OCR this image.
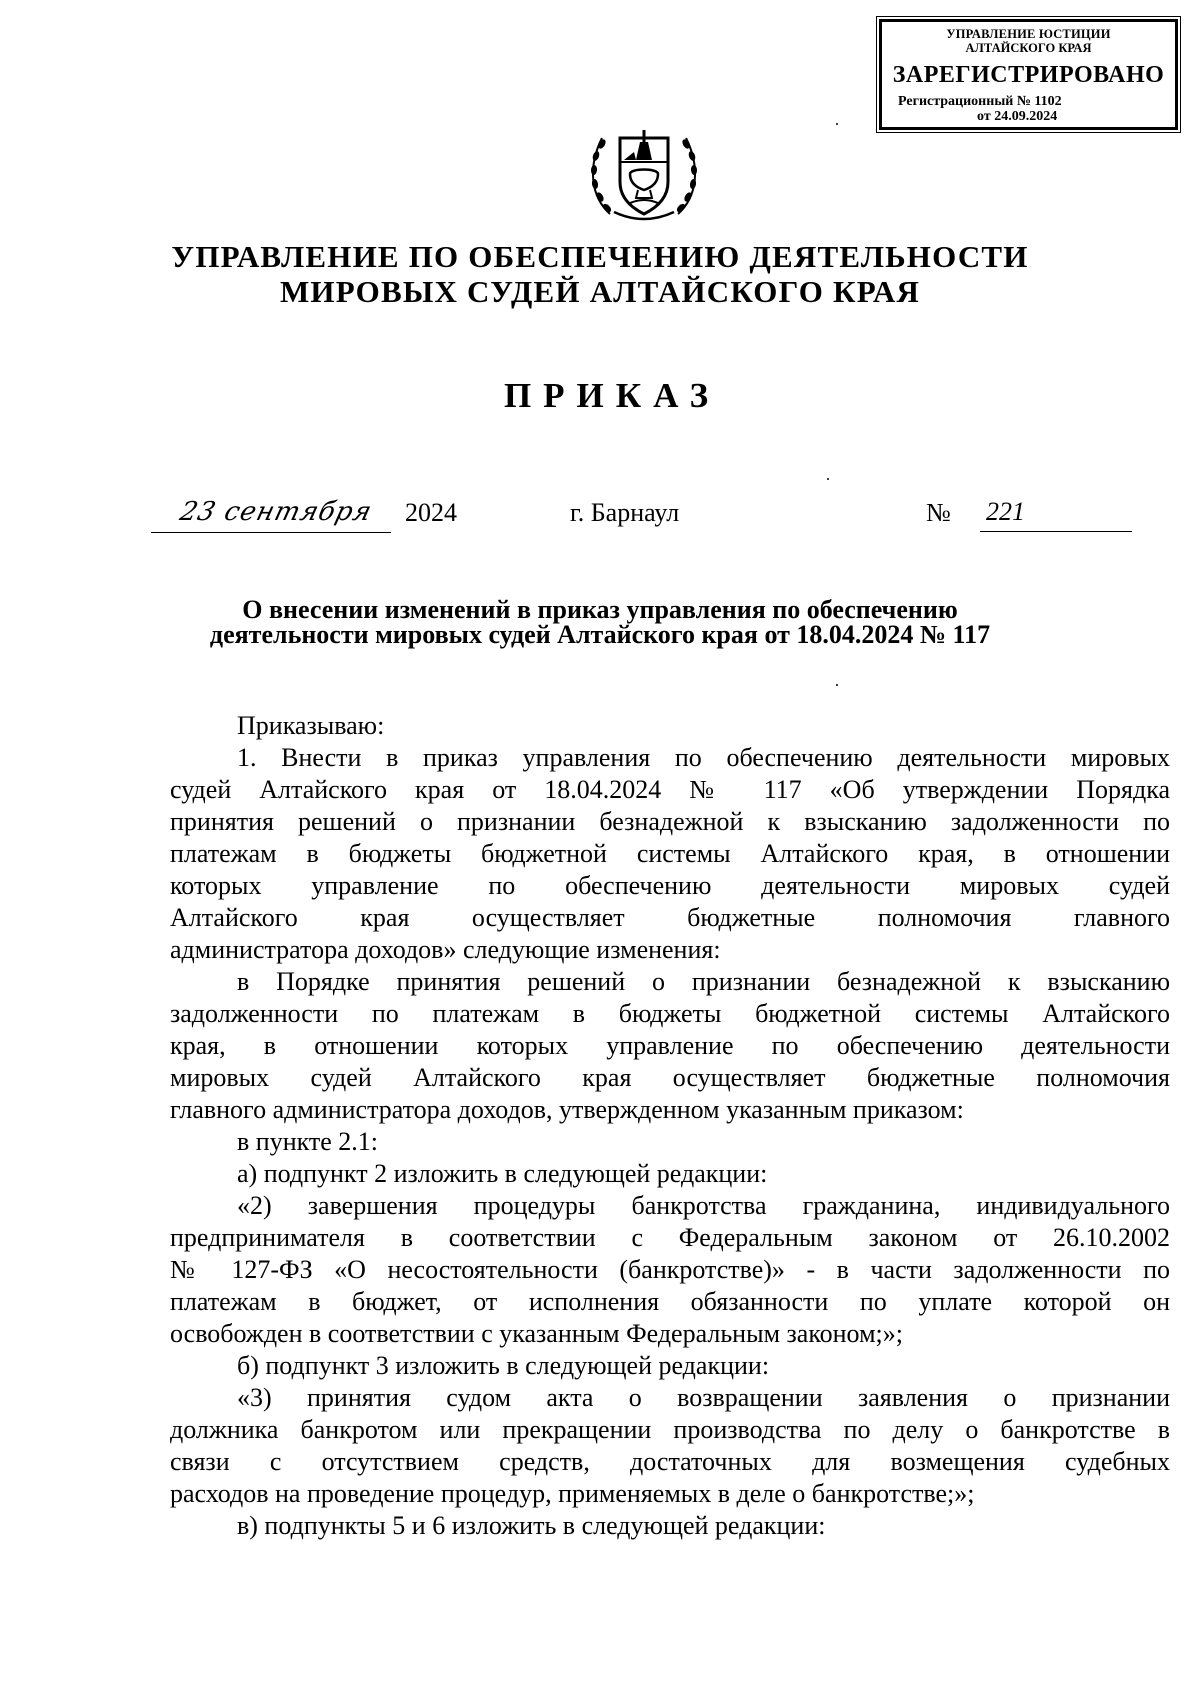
УПРАВЛЕНИЕ ЮСТИЦИИ
АЛТАЙСКОГО КРАЯ
ЗАРЕГИСТРИРОВАНО
Регистрационный № 1102
от 24.09.2024
УПРАВЛЕНИЕ ПО ОБЕСПЕЧЕНИЮ ДЕЯТЕЛЬНОСТИ
МИРОВЫХ СУДЕЙ АЛТАЙСКОГО КРАЯ
ПРИКАЗ
23 сентября	2024	г. Барнаул	№ 221
О внесении изменений в приказ управления по обеспечению
деятельности мировых судей Алтайского края от 18.04.2024 № 117
Приказываю:
1. Внести в приказ управления по обеспечению деятельности мировых
судей Алтайского края от 18.04.2024 № 117 «Об утверждении Порядка
принятия решений о признании безнадежной к взысканию задолженности по
платежам в бюджеты бюджетной системы Алтайского края, в отношении
которых управление по обеспечению деятельности мировых судей
Алтайского края осуществляет бюджетные полномочия главного
администратора доходов» следующие изменения:
в Порядке принятия решений о признании безнадежной к взысканию
задолженности по платежам в бюджеты бюджетной системы Алтайского
края, в отношении которых управление по обеспечению деятельности
мировых судей Алтайского края осуществляет бюджетные полномочия
главного администратора доходов, утвержденном указанным приказом:
в пункте 2.1:
а) подпункт 2 изложить в следующей редакции:
«2) завершения процедуры банкротства гражданина, индивидуального
предпринимателя в соответствии с Федеральным законом от 26.10.2002
№ 127-ФЗ «О несостоятельности (банкротстве)» - в части задолженности по
платежам в бюджет, от исполнения обязанности по уплате которой он
освобожден в соответствии с указанным Федеральным законом;»;
б) подпункт 3 изложить в следующей редакции:
«3) принятия судом акта о возвращении заявления о признании
должника банкротом или прекращении производства по делу о банкротстве в
связи с отсутствием средств, достаточных для возмещения судебных
расходов на проведение процедур, применяемых в деле о банкротстве;»;
в) подпункты 5 и 6 изложить в следующей редакции:
